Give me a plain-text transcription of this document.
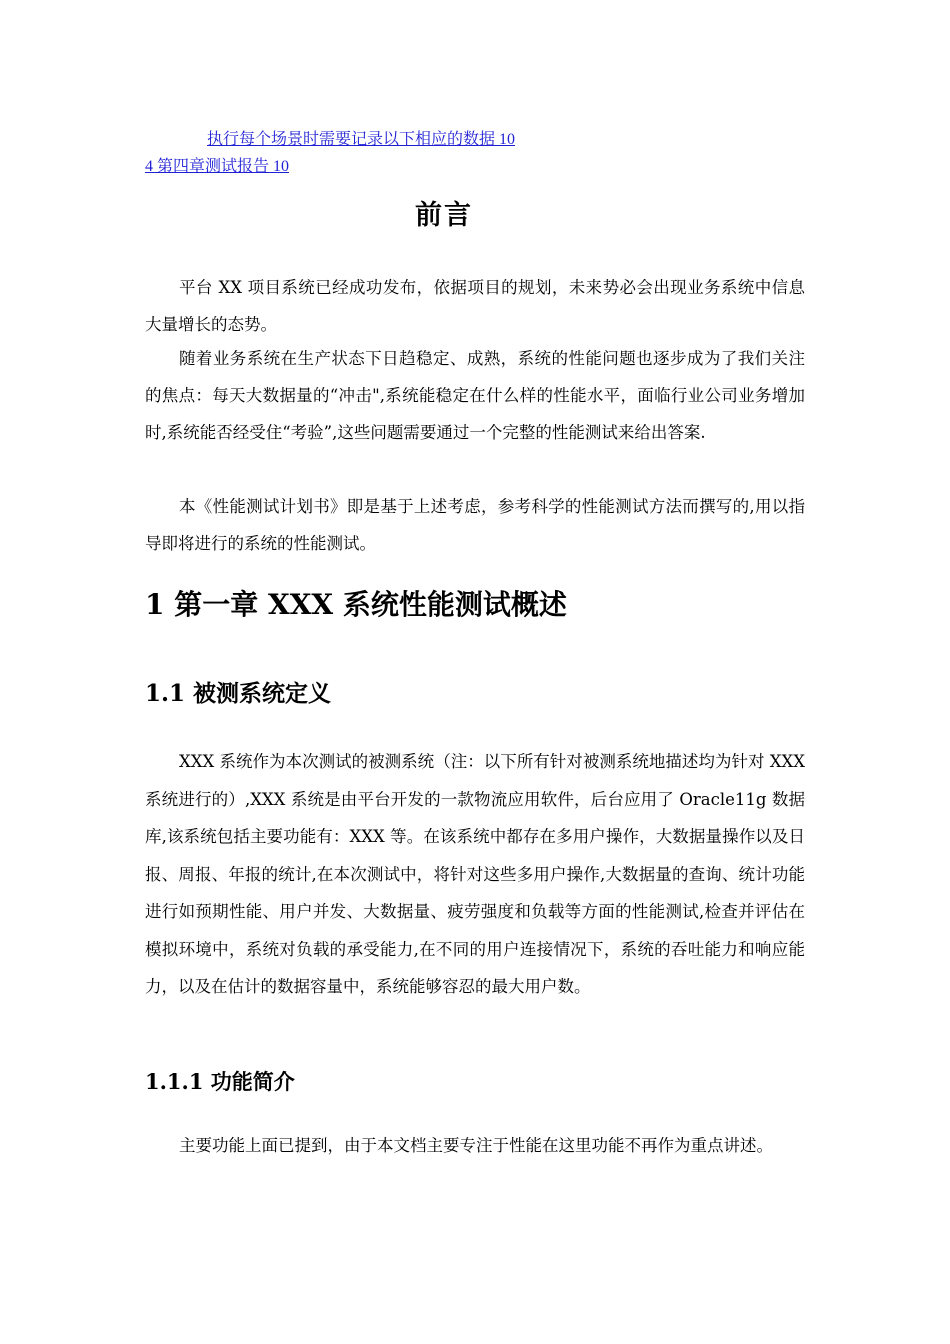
执行每个场景时需要记录以下相应的数据 10
4 第四章测试报告 10
前言

平台 XX 项目系统已经成功发布，依据项目的规划，未来势必会出现业务系统中信息大量增长的态势。

随着业务系统在生产状态下日趋稳定、成熟，系统的性能问题也逐步成为了我们关注的焦点：每天大数据量的“冲击",系统能稳定在什么样的性能水平，面临行业公司业务增加时,系统能否经受住“考验”,这些问题需要通过一个完整的性能测试来给出答案.

本《性能测试计划书》即是基于上述考虑，参考科学的性能测试方法而撰写的,用以指导即将进行的系统的性能测试。

1 第一章 XXX 系统性能测试概述
1.1 被测系统定义

XXX 系统作为本次测试的被测系统（注：以下所有针对被测系统地描述均为针对 XXX 系统进行的）,XXX 系统是由平台开发的一款物流应用软件，后台应用了 Oracle11g 数据库,该系统包括主要功能有：XXX 等。在该系统中都存在多用户操作，大数据量操作以及日报、周报、年报的统计,在本次测试中，将针对这些多用户操作,大数据量的查询、统计功能进行如预期性能、用户并发、大数据量、疲劳强度和负载等方面的性能测试,检查并评估在模拟环境中，系统对负载的承受能力,在不同的用户连接情况下，系统的吞吐能力和响应能力，以及在估计的数据容量中，系统能够容忍的最大用户数。

1.1.1 功能简介

主要功能上面已提到，由于本文档主要专注于性能在这里功能不再作为重点讲述。
